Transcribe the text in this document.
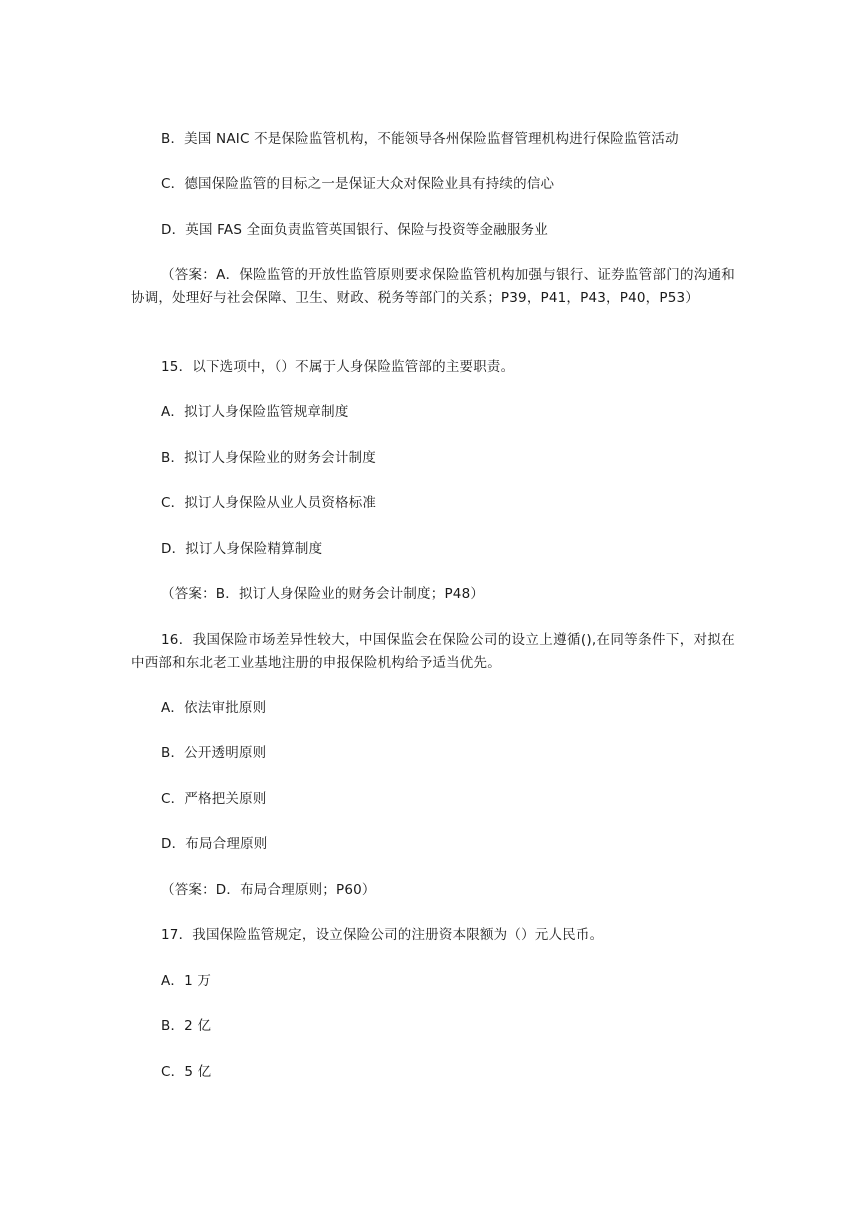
B．美国 NAIC 不是保险监管机构，不能领导各州保险监督管理机构进行保险监管活动
C．德国保险监管的目标之一是保证大众对保险业具有持续的信心
D．英国 FAS 全面负责监管英国银行、保险与投资等金融服务业
（答案：A．保险监管的开放性监管原则要求保险监管机构加强与银行、证券监管部门的沟通和协调，处理好与社会保障、卫生、财政、税务等部门的关系；P39，P41，P43，P40，P53）
15．以下选项中，（）不属于人身保险监管部的主要职责。
A．拟订人身保险监管规章制度
B．拟订人身保险业的财务会计制度
C．拟订人身保险从业人员资格标准
D．拟订人身保险精算制度
（答案：B．拟订人身保险业的财务会计制度；P48）
16．我国保险市场差异性较大，中国保监会在保险公司的设立上遵循(),在同等条件下，对拟在中西部和东北老工业基地注册的申报保险机构给予适当优先。
A．依法审批原则
B．公开透明原则
C．严格把关原则
D．布局合理原则
（答案：D．布局合理原则；P60）
17．我国保险监管规定，设立保险公司的注册资本限额为（）元人民币。
A．1 万
B．2 亿
C．5 亿
